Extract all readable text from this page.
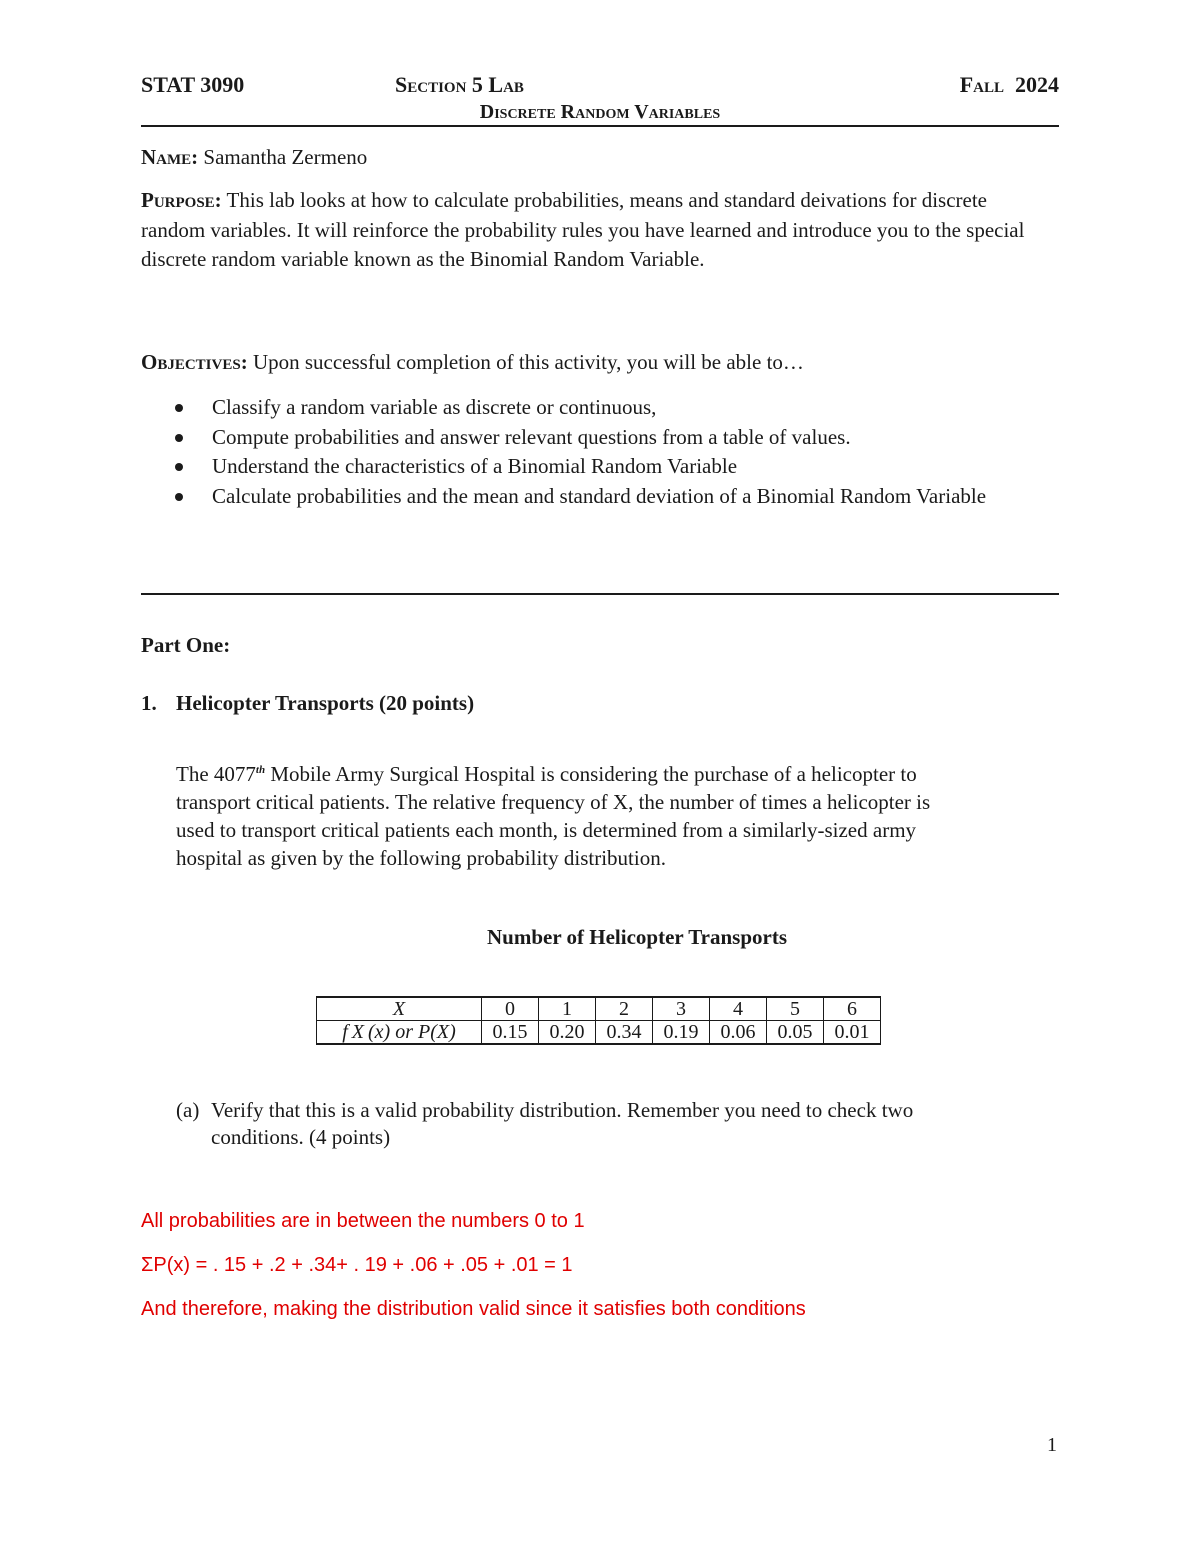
STAT 3090	Section 5 Lab	Fall  2024
Discrete Random Variables
Name: Samantha Zermeno
Purpose: This lab looks at how to calculate probabilities, means and standard deivations for discrete random variables. It will reinforce the probability rules you have learned and introduce you to the special discrete random variable known as the Binomial Random Variable.
Objectives: Upon successful completion of this activity, you will be able to…
Classify a random variable as discrete or continuous,
Compute probabilities and answer relevant questions from a table of values.
Understand the characteristics of a Binomial Random Variable
Calculate probabilities and the mean and standard deviation of a Binomial Random Variable
Part One:
1. Helicopter Transports (20 points)
The 4077th Mobile Army Surgical Hospital is considering the purchase of a helicopter to transport critical patients. The relative frequency of X, the number of times a helicopter is used to transport critical patients each month, is determined from a similarly-sized army hospital as given by the following probability distribution.
Number of Helicopter Transports
X	0	1	2	3	4	5	6
f X (x) or P(X)	0.15	0.20	0.34	0.19	0.06	0.05	0.01
(a) Verify that this is a valid probability distribution. Remember you need to check two conditions. (4 points)
All probabilities are in between the numbers 0 to 1
ΣP(x) = . 15 + .2 + .34+ . 19 + .06 + .05 + .01 = 1
And therefore, making the distribution valid since it satisfies both conditions
1
